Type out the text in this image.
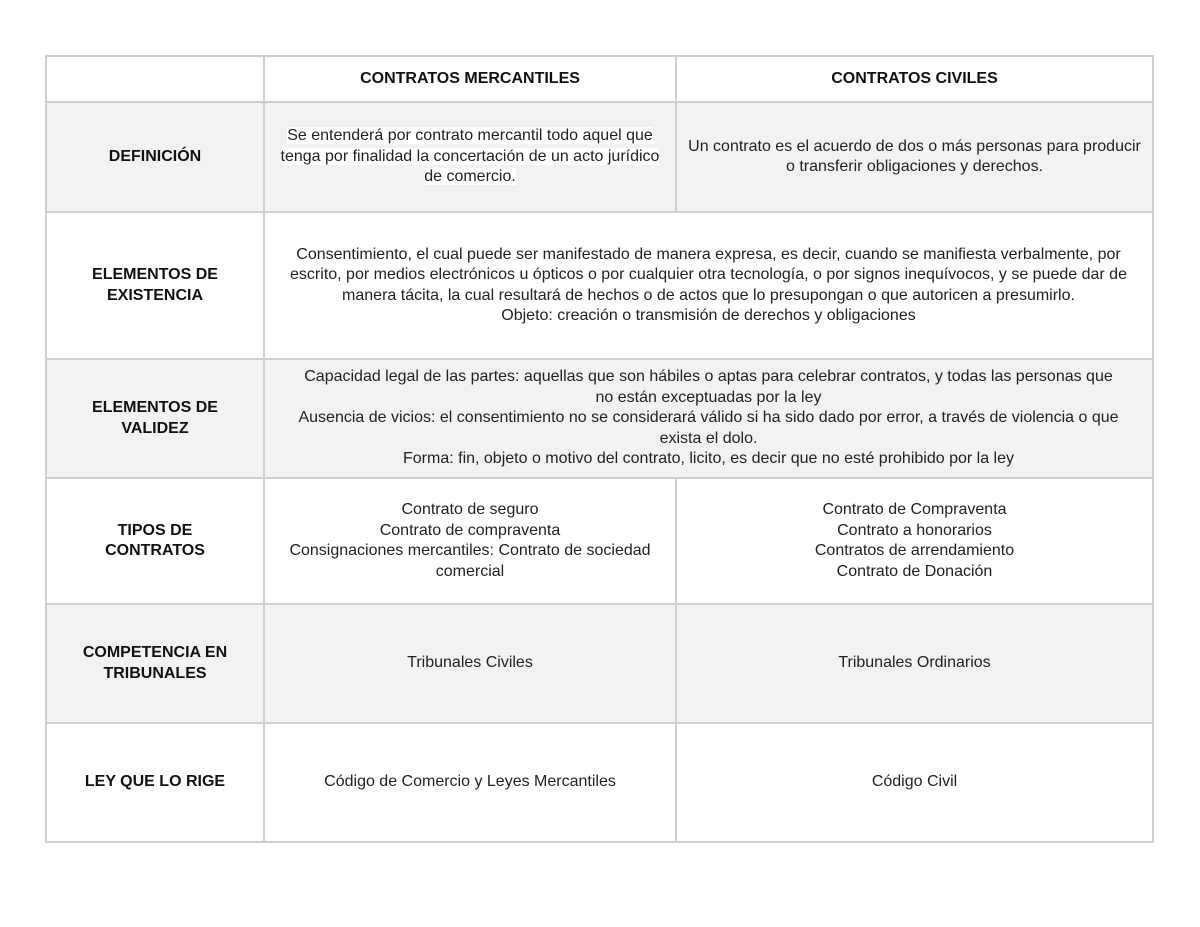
	CONTRATOS MERCANTILES	CONTRATOS CIVILES
DEFINICIÓN	Se entenderá por contrato mercantil todo aquel que tenga por finalidad la concertación de un acto jurídico de comercio.	Un contrato es el acuerdo de dos o más personas para producir o transferir obligaciones y derechos.
ELEMENTOS DE EXISTENCIA	Consentimiento, el cual puede ser manifestado de manera expresa, es decir, cuando se manifiesta verbalmente, por escrito, por medios electrónicos u ópticos o por cualquier otra tecnología, o por signos inequívocos, y se puede dar de manera tácita, la cual resultará de hechos o de actos que lo presupongan o que autoricen a presumirlo.
Objeto: creación o transmisión de derechos y obligaciones	

ELEMENTOS DE VALIDEZ	Capacidad legal de las partes: aquellas que son hábiles o aptas para celebrar contratos, y todas las personas que no están exceptuadas por la ley
Ausencia de vicios: el consentimiento no se considerará válido si ha sido dado por error, a través de violencia o que exista el dolo.
Forma: fin, objeto o motivo del contrato, licito, es decir que no esté prohibido por la ley	

TIPOS DE CONTRATOS	Contrato de seguro
Contrato de compraventa
Consignaciones mercantiles: Contrato de sociedad comercial	Contrato de Compraventa
Contrato a honorarios
Contratos de arrendamiento
Contrato de Donación

COMPETENCIA EN TRIBUNALES	Tribunales Civiles	Tribunales Ordinarios
LEY QUE LO RIGE	Código de Comercio y Leyes Mercantiles	Código Civil
